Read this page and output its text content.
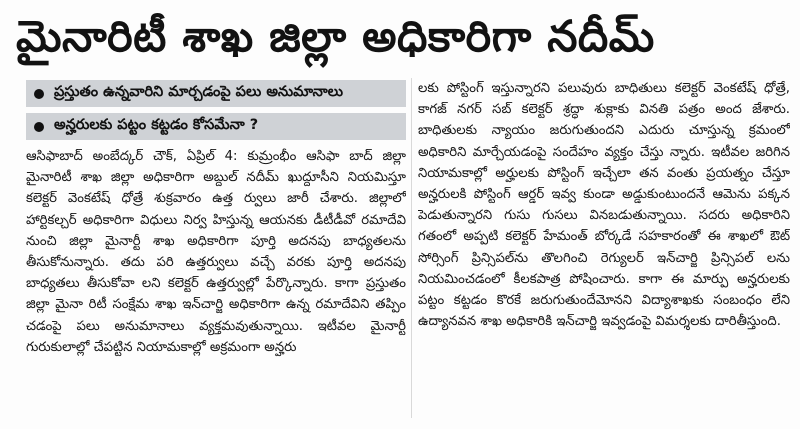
మైనారిటీ శాఖ జిల్లా అధికారిగా నదీమ్
ప్రస్తుతం ఉన్నవారిని మార్చడంపై పలు అనుమానాలు
అన్హరులకు పట్టం కట్టడం కోసమేనా ?
ఆసిఫాబాద్ అంబేద్కర్ చౌక్, ఏప్రిల్ 4: కుమ్రంభీం ఆసిఫా బాద్ జిల్లా మైనారిటీ శాఖ జిల్లా అధికారిగా అబ్దుల్ నదీమ్ ఖుద్దూసీని నియమిస్తూ కలెక్టర్ వెంకటేష్ ధోత్రే శుక్రవారం ఉత్త ర్వులు జారీ చేశారు. జిల్లాలో హార్టికల్చర్ అధికారిగా విధులు నిర్వ హిస్తున్న ఆయనకు డీటీడీవో రమాదేవి నుంచి జిల్లా మైనార్టీ శాఖ అధికారిగా పూర్తి అదనపు బాధ్యతలను తీసుకోనున్నారు. తదు పరి ఉత్తర్వులు వచ్చే వరకు పూర్తి అదనపు బాధ్యతలు తీసుకోవా లని కలెక్టర్ ఉత్తర్వుల్లో పేర్కొన్నారు. కాగా ప్రస్తుతం జిల్లా మైనా రిటీ సంక్షేమ శాఖ ఇన్‌చార్జి అధికారిగా ఉన్న రమాదేవిని తప్పిం చడంపై పలు అనుమానాలు వ్యక్తమవుతున్నాయి. ఇటీవల మైనార్టీ గురుకులాల్లో చేపట్టిన నియామకాల్లో అక్రమంగా అన్హరు
లకు పోస్టింగ్ ఇస్తున్నారని పలువురు బాధితులు కలెక్టర్ వెంకటేష్ ధోత్రే, కాగజ్ నగర్ సబ్ కలెక్టర్ శ్రద్ధా శుక్లాకు వినతి పత్రం అంద జేశారు. బాధితులకు న్యాయం జరుగుతుందని ఎదురు చూస్తున్న క్రమంలో అధికారిని మార్చేయడంపై సందేహం వ్యక్తం చేస్తు న్నారు. ఇటీవల జరిగిన నియామకాల్లో అర్హులకు పోస్టింగ్ ఇచ్చేలా తన వంతు ప్రయత్నం చేస్తూ అన్హరులకి పోస్టింగ్ ఆర్డర్ ఇవ్వ కుండా అడ్డుకుంటుందనే ఆమెను పక్కన పెడుతున్నారని గుసు గుసలు వినబడుతున్నాయి. సదరు అధికారిని గతంలో అప్పటి కలెక్టర్ హేమంత్ బోర్కడే సహకారంతో ఈ శాఖలో ఔట్ సోర్సింగ్ ప్రిన్సిపల్‌ను తొలగించి రెగ్యులర్ ఇన్‌చార్జి ప్రిన్సిపల్ లను నియమించడంలో కీలకపాత్ర పోషించారు. కాగా ఈ మార్పు అన్హరులకు పట్టం కట్టడం కొరకే జరుగుతుందేమోనని విద్యాశాఖకు సంబంధం లేని ఉద్యానవన శాఖ అధికారికి ఇన్‌చార్జి ఇవ్వడంపై విమర్శలకు దారితీస్తుంది.
